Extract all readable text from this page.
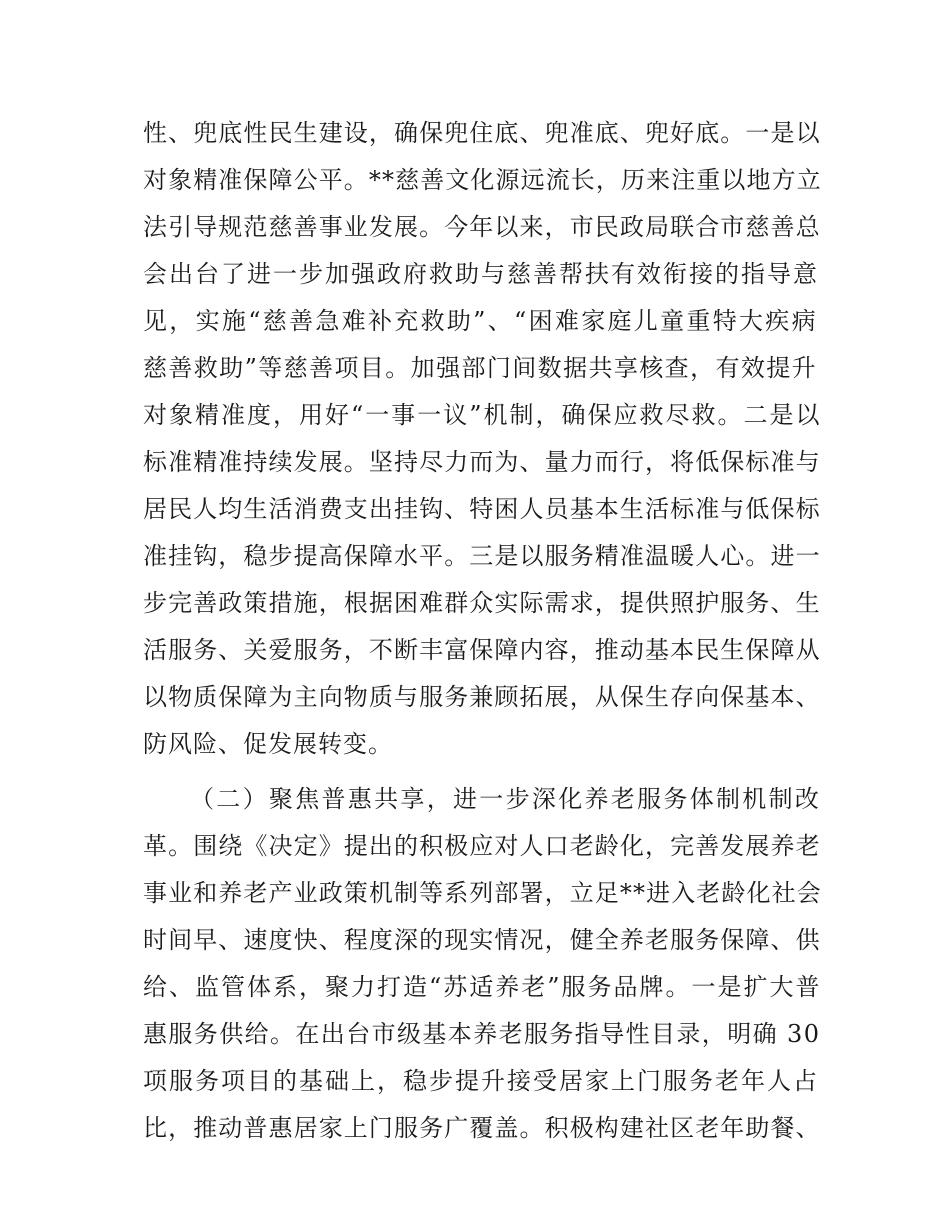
性、兜底性民生建设，确保兜住底、兜准底、兜好底。一是以
对象精准保障公平。**慈善文化源远流长，历来注重以地方立
法引导规范慈善事业发展。今年以来，市民政局联合市慈善总
会出台了进一步加强政府救助与慈善帮扶有效衔接的指导意
见，实施“慈善急难补充救助”、“困难家庭儿童重特大疾病
慈善救助”等慈善项目。加强部门间数据共享核查，有效提升
对象精准度，用好“一事一议”机制，确保应救尽救。二是以
标准精准持续发展。坚持尽力而为、量力而行，将低保标准与
居民人均生活消费支出挂钩、特困人员基本生活标准与低保标
准挂钩，稳步提高保障水平。三是以服务精准温暖人心。进一
步完善政策措施，根据困难群众实际需求，提供照护服务、生
活服务、关爱服务，不断丰富保障内容，推动基本民生保障从
以物质保障为主向物质与服务兼顾拓展，从保生存向保基本、
防风险、促发展转变。
（二）聚焦普惠共享，进一步深化养老服务体制机制改
革。围绕《决定》提出的积极应对人口老龄化，完善发展养老
事业和养老产业政策机制等系列部署，立足**进入老龄化社会
时间早、速度快、程度深的现实情况，健全养老服务保障、供
给、监管体系，聚力打造“苏适养老”服务品牌。一是扩大普
惠服务供给。在出台市级基本养老服务指导性目录，明确 30
项服务项目的基础上，稳步提升接受居家上门服务老年人占
比，推动普惠居家上门服务广覆盖。积极构建社区老年助餐、
